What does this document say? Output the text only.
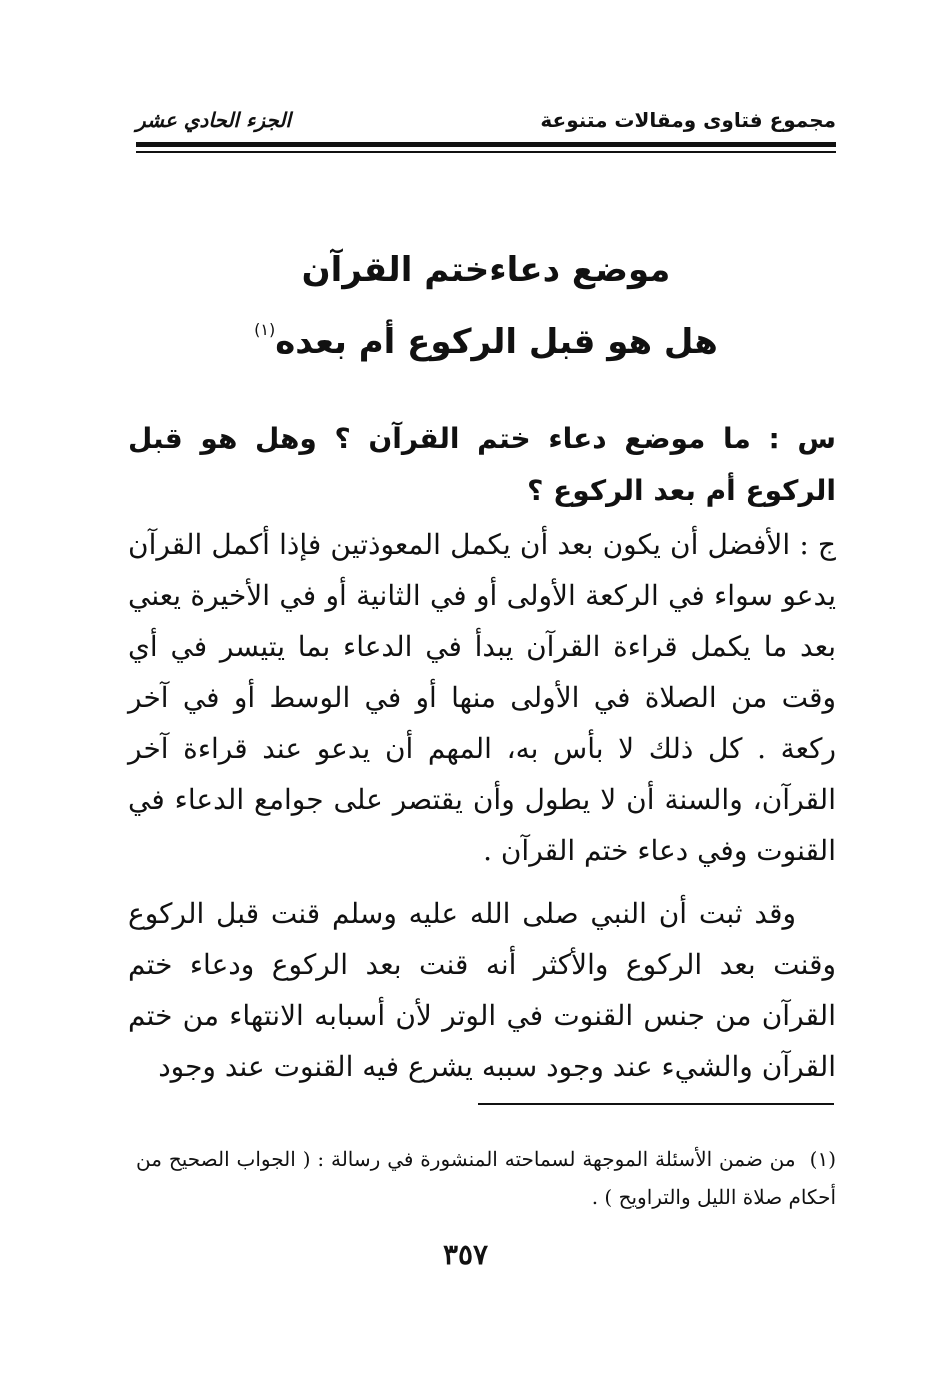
مجموع فتاوى ومقالات متنوعة
الجزء الحادي عشر
موضع دعاءختم القرآن
هل هو قبل الركوع أم بعده$^{(١)}$

س : ما موضع دعاء ختم القرآن ؟ وهل هو قبل الركوع أم بعد الركوع ؟

ج : الأفضل أن يكون بعد أن يكمل المعوذتين فإذا أكمل القرآن يدعو سواء في الركعة الأولى أو في الثانية أو في الأخيرة يعني بعد ما يكمل قراءة القرآن يبدأ في الدعاء بما يتيسر في أي وقت من الصلاة في الأولى منها أو في الوسط أو في آخر ركعة . كل ذلك لا بأس به، المهم أن يدعو عند قراءة آخر القرآن، والسنة أن لا يطول وأن يقتصر على جوامع الدعاء في القنوت وفي دعاء ختم القرآن .

وقد ثبت أن النبي صلى الله عليه وسلم قنت قبل الركوع وقنت بعد الركوع والأكثر أنه قنت بعد الركوع ودعاء ختم القرآن من جنس القنوت في الوتر لأن أسبابه الانتهاء من ختم القرآن والشيء عند وجود سببه يشرع فيه القنوت عند وجود

(١)من ضمن الأسئلة الموجهة لسماحته المنشورة في رسالة : ( الجواب الصحيح من أحكام صلاة الليل والتراويح ) .
٣٥٧
